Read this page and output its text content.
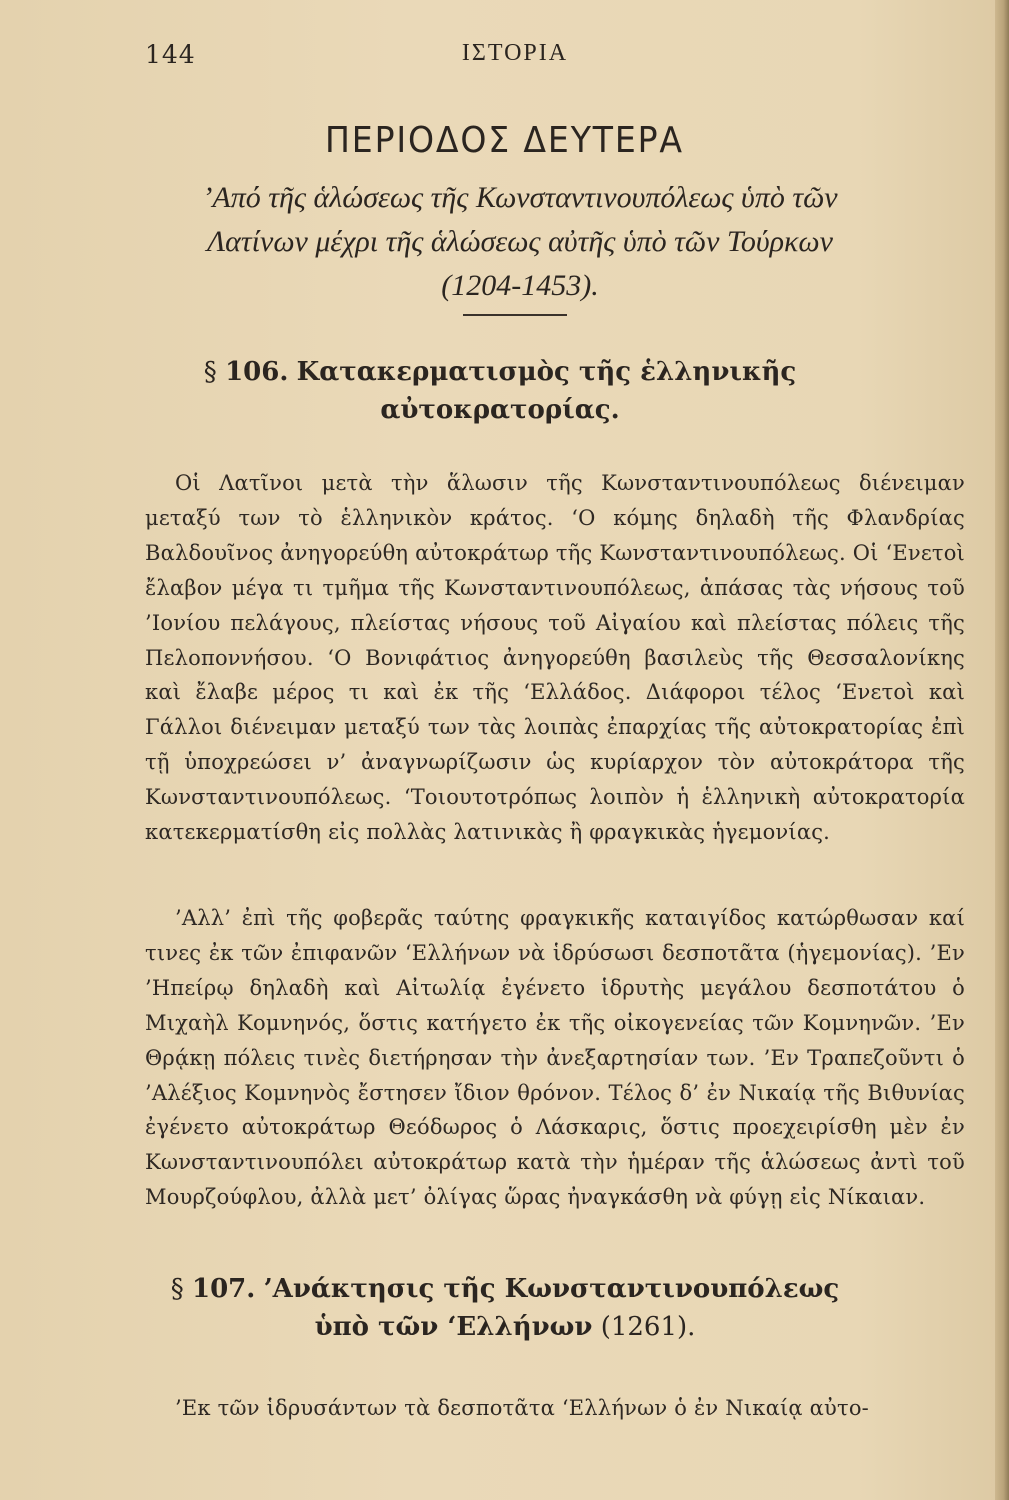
144	ΙΣΤΟΡΙΑ
ΠΕΡΙΟΔΟΣ ΔΕΥΤΕΡΑ
’Από τῆς ἁλώσεως τῆς Κωνσταντινουπόλεως ὑπὸ τῶν Λατίνων μέχρι τῆς ἁλώσεως αὐτῆς ὑπὸ τῶν Τούρκων (1204-1453).
§ 106. Κατακερματισμὸς τῆς ἑλληνικῆς αὐτοκρατορίας.

Οἱ Λατῖνοι μετὰ τὴν ἅλωσιν τῆς Κωνσταντινουπόλεως διένειμαν μεταξύ των τὸ ἑλληνικὸν κράτος. ‘Ο κόμης δηλαδὴ τῆς Φλανδρίας Βαλδουῖνος ἀνηγορεύθη αὐτοκράτωρ τῆς Κωνσταντινουπόλεως. Οἱ ‘Ενετοὶ ἔλαβον μέγα τι τμῆμα τῆς Κωνσταντινουπόλεως, ἁπάσας τὰς νήσους τοῦ ’Ιονίου πελάγους, πλείστας νήσους τοῦ Αἰγαίου καὶ πλείστας πόλεις τῆς Πελοποννήσου. ‘Ο Βονιφάτιος ἀνηγορεύθη βασιλεὺς τῆς Θεσσαλονίκης καὶ ἔλαβε μέρος τι καὶ ἐκ τῆς ‘Ελλάδος. Διάφοροι τέλος ‘Ενετοὶ καὶ Γάλλοι διένειμαν μεταξύ των τὰς λοιπὰς ἐπαρχίας τῆς αὐτοκρατορίας ἐπὶ τῇ ὑποχρεώσει ν’ ἀναγνωρίζωσιν ὡς κυρίαρχον τὸν αὐτοκράτορα τῆς Κωνσταντινουπόλεως. ‘Τοιουτοτρόπως λοιπὸν ἡ ἑλληνικὴ αὐτοκρατορία κατεκερματίσθη εἰς πολλὰς λατινικὰς ἢ φραγκικὰς ἡγεμονίας.

’Αλλ’ ἐπὶ τῆς φοβερᾶς ταύτης φραγκικῆς καταιγίδος κατώρθωσαν καί τινες ἐκ τῶν ἐπιφανῶν ‘Ελλήνων νὰ ἱδρύσωσι δεσποτᾶτα (ἡγεμονίας). ’Εν ’Ηπείρῳ δηλαδὴ καὶ Αἰτωλίᾳ ἐγένετο ἱδρυτὴς μεγάλου δεσποτάτου ὁ Μιχαὴλ Κομνηνός, ὅστις κατήγετο ἐκ τῆς οἰκογενείας τῶν Κομνηνῶν. ’Εν Θρᾴκῃ πόλεις τινὲς διετήρησαν τὴν ἀνεξαρτησίαν των. ’Εν Τραπεζοῦντι ὁ ’Αλέξιος Κομνηνὸς ἔστησεν ἴδιον θρόνον. Τέλος δ’ ἐν Νικαίᾳ τῆς Βιθυνίας ἐγένετο αὐτοκράτωρ Θεόδωρος ὁ Λάσκαρις, ὅστις προεχειρίσθη μὲν ἐν Κωνσταντινουπόλει αὐτοκράτωρ κατὰ τὴν ἡμέραν τῆς ἁλώσεως ἀντὶ τοῦ Μουρζούφλου, ἀλλὰ μετ’ ὀλίγας ὥρας ἠναγκάσθη νὰ φύγῃ εἰς Νίκαιαν.

§ 107. ’Ανάκτησις τῆς Κωνσταντινουπόλεως ὑπὸ τῶν ‘Ελλήνων (1261).

’Εκ τῶν ἱδρυσάντων τὰ δεσποτᾶτα ‘Ελλήνων ὁ ἐν Νικαίᾳ αὐτο-
